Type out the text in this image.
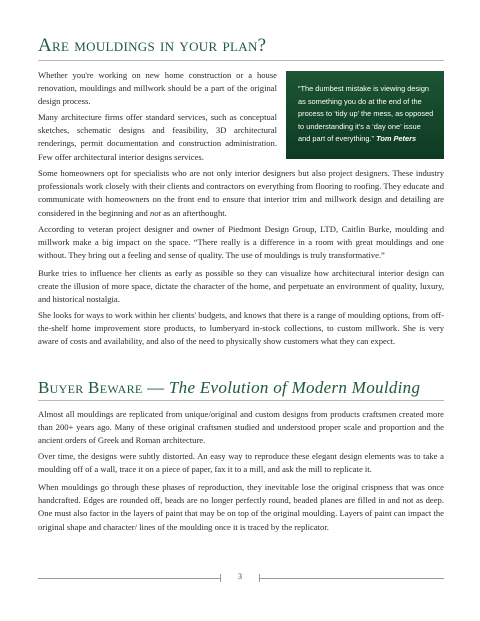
Are mouldings in your plan?

Whether you're working on new home construction or a house renovation, mouldings and millwork should be a part of the original design process.

Many architecture firms offer standard services, such as conceptual sketches, schematic designs and feasibility, 3D architectural renderings, permit documentation and construction administration. Few offer architectural interior designs services.

“The dumbest mistake is viewing design as something you do at the end of the process to ‘tidy up’ the mess, as opposed to understanding it's a ‘day one’ issue and part of everything.” Tom Peters

Some homeowners opt for specialists who are not only interior designers but also project designers. These industry professionals work closely with their clients and contractors on everything from flooring to roofing. They educate and communicate with homeowners on the front end to ensure that interior trim and millwork design and detailing are considered in the beginning and not as an afterthought.

According to veteran project designer and owner of Piedmont Design Group, LTD, Caitlin Burke, moulding and millwork make a big impact on the space. “There really is a difference in a room with great mouldings and one without. They bring out a feeling and sense of quality. The use of mouldings is truly transformative.”

Burke tries to influence her clients as early as possible so they can visualize how architectural interior design can create the illusion of more space, dictate the character of the home, and perpetuate an environment of quality, luxury, and historical nostalgia.

She looks for ways to work within her clients' budgets, and knows that there is a range of moulding options, from off-the-shelf home improvement store products, to lumberyard in-stock collections, to custom millwork. She is very aware of costs and availability, and also of the need to physically show customers what they can expect.

Buyer Beware — The Evolution of Modern Moulding

Almost all mouldings are replicated from unique/original and custom designs from products craftsmen created more than 200+ years ago. Many of these original craftsmen studied and understood proper scale and proportion and the ancient orders of Greek and Roman architecture.

Over time, the designs were subtly distorted. An easy way to reproduce these elegant design elements was to take a moulding off of a wall, trace it on a piece of paper, fax it to a mill, and ask the mill to replicate it.

When mouldings go through these phases of reproduction, they inevitable lose the original crispness that was once handcrafted. Edges are rounded off, beads are no longer perfectly round, beaded planes are filled in and not as deep. One must also factor in the layers of paint that may be on top of the original moulding. Layers of paint can impact the original shape and character/ lines of the moulding once it is traced by the replicator.

3
